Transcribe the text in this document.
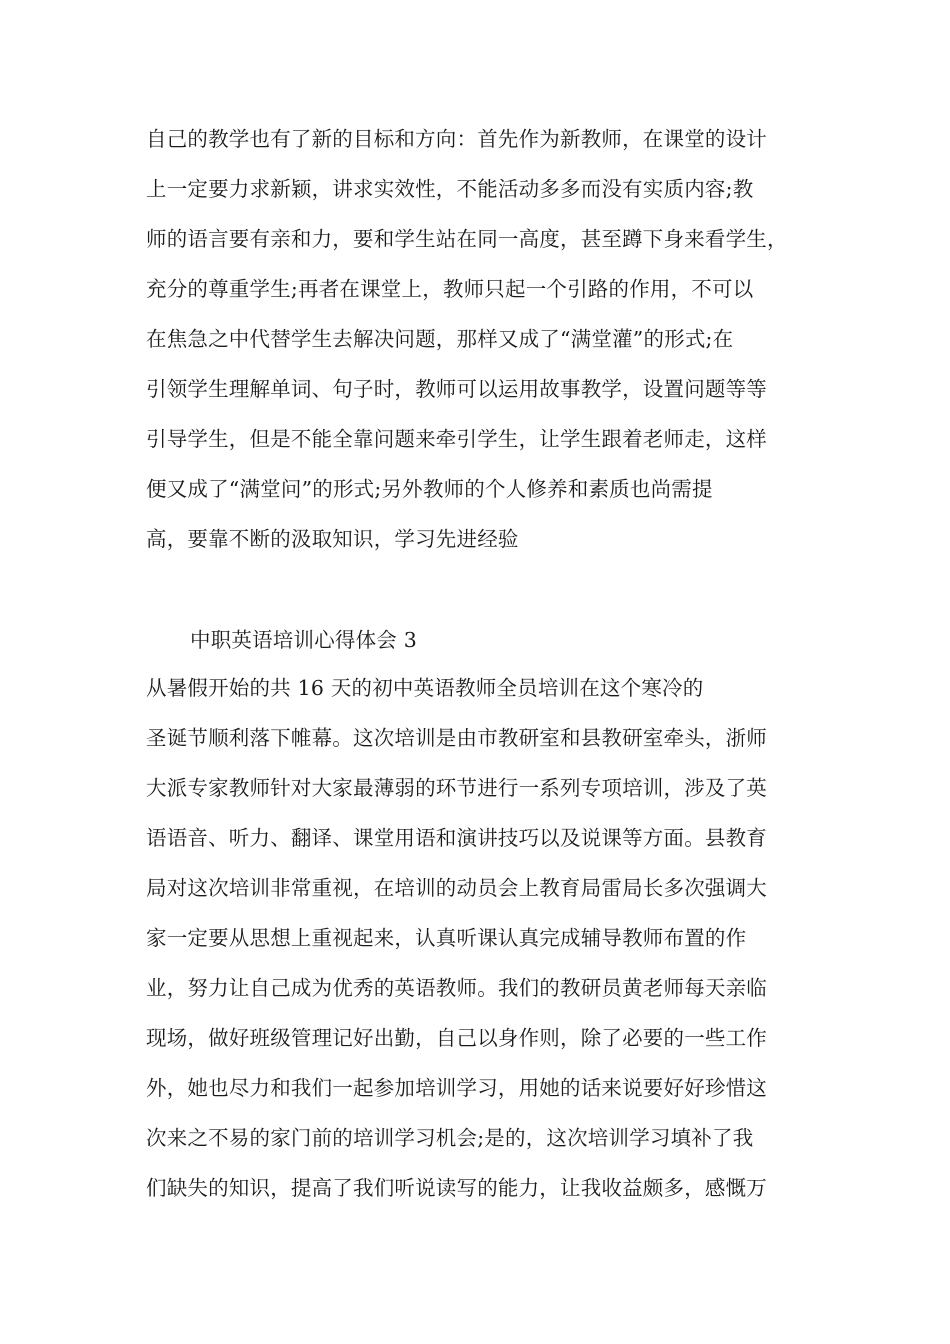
自己的教学也有了新的目标和方向：首先作为新教师，在课堂的设计
上一定要力求新颖，讲求实效性，不能活动多多而没有实质内容;教
师的语言要有亲和力，要和学生站在同一高度，甚至蹲下身来看学生，
充分的尊重学生;再者在课堂上，教师只起一个引路的作用，不可以
在焦急之中代替学生去解决问题，那样又成了“满堂灌”的形式;在
引领学生理解单词、句子时，教师可以运用故事教学，设置问题等等
引导学生，但是不能全靠问题来牵引学生，让学生跟着老师走，这样
便又成了“满堂问”的形式;另外教师的个人修养和素质也尚需提
高，要靠不断的汲取知识，学习先进经验
中职英语培训心得体会 3
从暑假开始的共 16 天的初中英语教师全员培训在这个寒冷的
圣诞节顺利落下帷幕。这次培训是由市教研室和县教研室牵头，浙师
大派专家教师针对大家最薄弱的环节进行一系列专项培训，涉及了英
语语音、听力、翻译、课堂用语和演讲技巧以及说课等方面。县教育
局对这次培训非常重视，在培训的动员会上教育局雷局长多次强调大
家一定要从思想上重视起来，认真听课认真完成辅导教师布置的作
业，努力让自己成为优秀的英语教师。我们的教研员黄老师每天亲临
现场，做好班级管理记好出勤，自己以身作则，除了必要的一些工作
外，她也尽力和我们一起参加培训学习，用她的话来说要好好珍惜这
次来之不易的家门前的培训学习机会;是的，这次培训学习填补了我
们缺失的知识，提高了我们听说读写的能力，让我收益颇多，感慨万
